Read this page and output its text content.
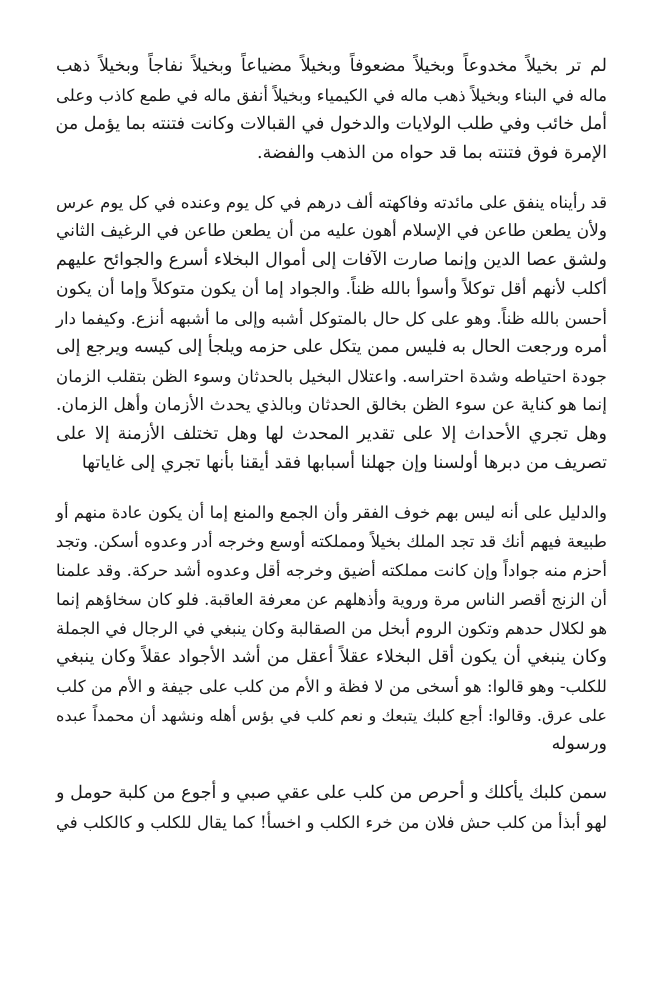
لم تر بخيلاً مخدوعاً وبخيلاً مضعوفاً وبخيلاً مضياعاً وبخيلاً نفاجاً وبخيلاً ذهب
ماله في البناء وبخيلاً ذهب ماله في الكيمياء وبخيلاً أنفق ماله في طمع كاذب وعلى
أمل خائب وفي طلب الولايات والدخول في القبالات وكانت فتنته بما يؤمل من
الإمرة فوق فتنته بما قد حواه من الذهب والفضة.
قد رأيناه ينفق على مائدته وفاكهته ألف درهم في كل يوم وعنده في كل يوم عرس
ولأن يطعن طاعن في الإسلام أهون عليه من أن يطعن طاعن في الرغيف الثاني
ولشق عصا الدين وإنما صارت الآفات إلى أموال البخلاء أسرع والجوائح عليهم
أكلب لأنهم أقل توكلاً وأسوأ بالله ظناً. والجواد إما أن يكون متوكلاً وإما أن يكون
أحسن بالله ظناً. وهو على كل حال بالمتوكل أشبه وإلى ما أشبهه أنزع. وكيفما دار
أمره ورجعت الحال به فليس ممن يتكل على حزمه ويلجأ إلى كيسه ويرجع إلى
جودة احتياطه وشدة احتراسه. واعتلال البخيل بالحدثان وسوء الظن بتقلب الزمان
إنما هو كناية عن سوء الظن بخالق الحدثان وبالذي يحدث الأزمان وأهل الزمان.
وهل تجري الأحداث إلا على تقدير المحدث لها وهل تختلف الأزمنة إلا على
تصريف من دبرها أولسنا وإن جهلنا أسبابها فقد أيقنا بأنها تجري إلى غاياتها
والدليل على أنه ليس بهم خوف الفقر وأن الجمع والمنع إما أن يكون عادة منهم أو
طبيعة فيهم أنك قد تجد الملك بخيلاً ومملكته أوسع وخرجه أدر وعدوه أسكن. وتجد
أحزم منه جواداً وإن كانت مملكته أضيق وخرجه أقل وعدوه أشد حركة. وقد علمنا
أن الزنج أقصر الناس مرة وروية وأذهلهم عن معرفة العاقبة. فلو كان سخاؤهم إنما
هو لكلال حدهم وتكون الروم أبخل من الصقالبة وكان ينبغي في الرجال في الجملة
وكان ينبغي أن يكون أقل البخلاء عقلاً أعقل من أشد الأجواد عقلاً وكان ينبغي
للكلب- وهو قالوا: هو أسخى من لا فظة و الأم من كلب على جيفة و الأم من كلب
على عرق. وقالوا: أجع كلبك يتبعك و نعم كلب في بؤس أهله ونشهد أن محمداً عبده
ورسوله
سمن كلبك يأكلك و أحرص من كلب على عقي صبي و أجوع من كلبة حومل و
لهو أبذأ من كلب حش فلان من خرء الكلب و اخسأ! كما يقال للكلب و كالكلب في
